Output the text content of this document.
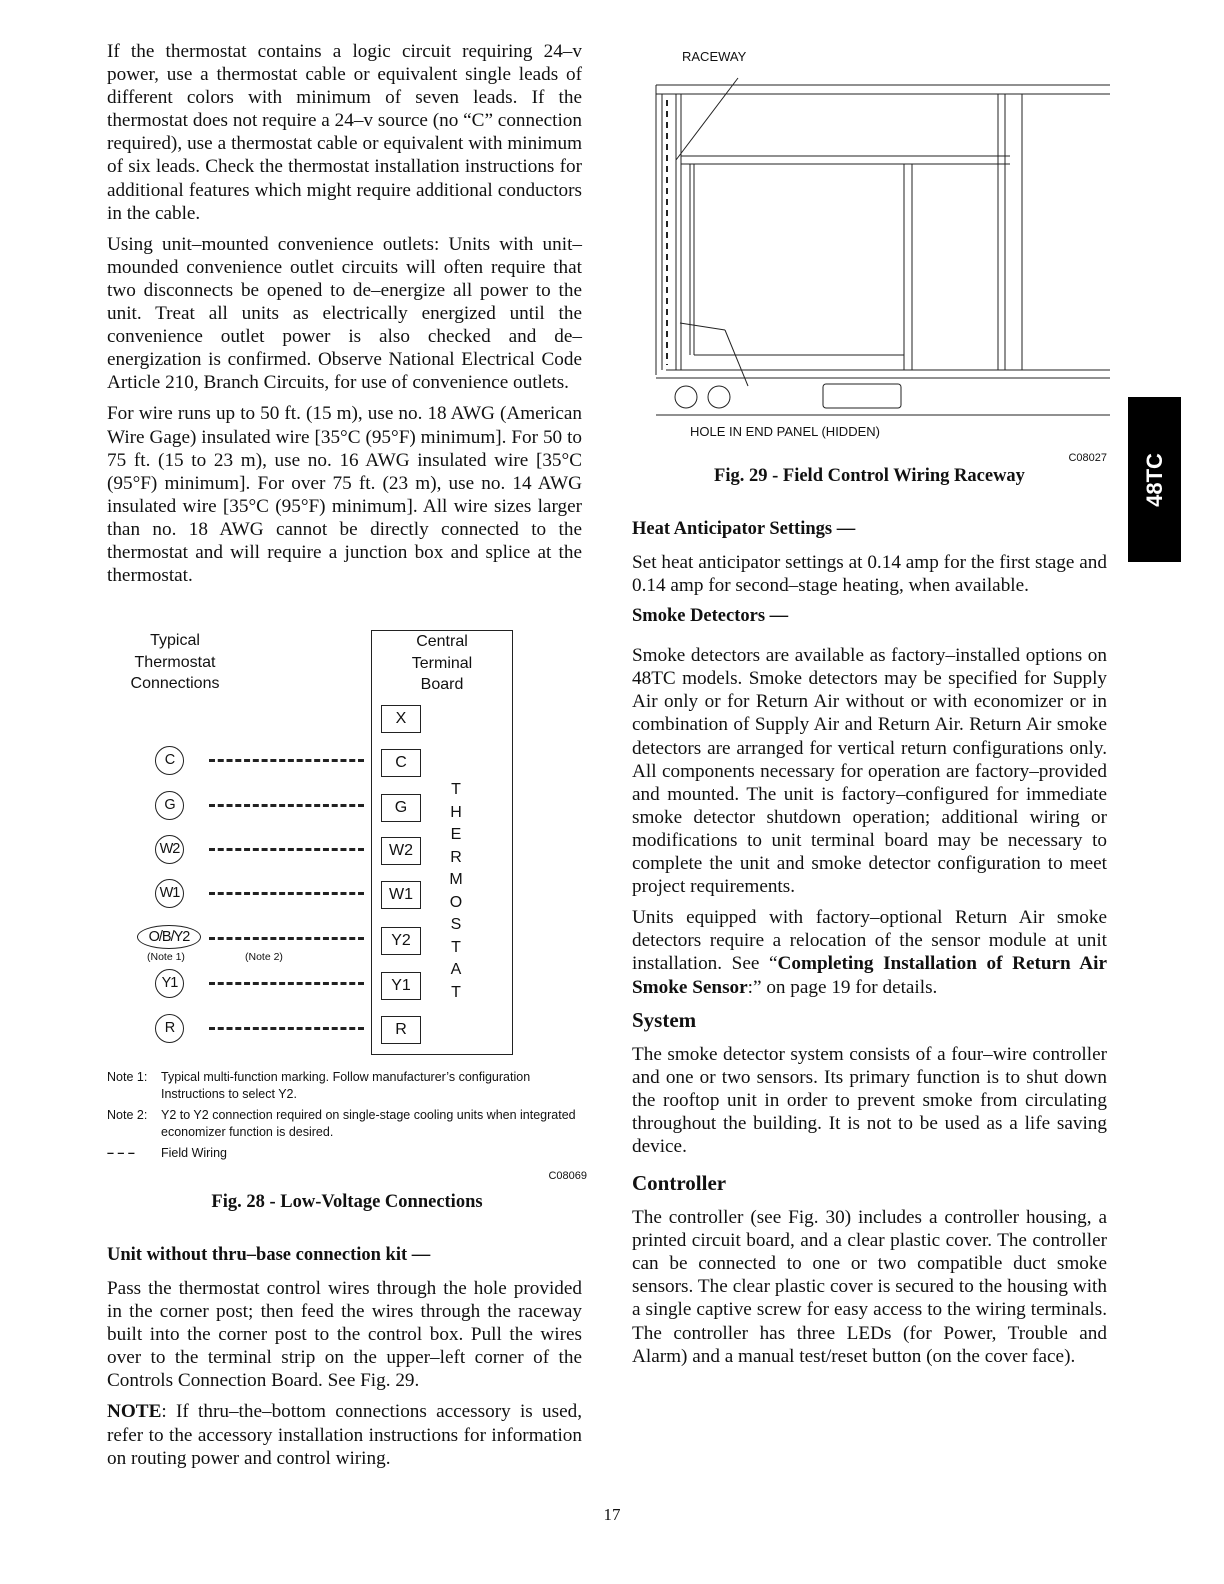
If the thermostat contains a logic circuit requiring 24–v power, use a thermostat cable or equivalent single leads of different colors with minimum of seven leads. If the thermostat does not require a 24–v source (no “C” connection required), use a thermostat cable or equivalent with minimum of six leads. Check the thermostat installation instructions for additional features which might require additional conductors in the cable.

Using unit–mounted convenience outlets: Units with unit–mounded convenience outlet circuits will often require that two disconnects be opened to de–energize all power to the unit. Treat all units as electrically energized until the convenience outlet power is also checked and de–energization is confirmed. Observe National Electrical Code Article 210, Branch Circuits, for use of convenience outlets.

For wire runs up to 50 ft. (15 m), use no. 18 AWG (American Wire Gage) insulated wire [35°C (95°F) minimum]. For 50 to 75 ft. (15 to 23 m), use no. 16 AWG insulated wire [35°C (95°F) minimum]. For over 75 ft. (23 m), use no. 14 AWG insulated wire [35°C (95°F) minimum]. All wire sizes larger than no. 18 AWG cannot be directly connected to the thermostat and will require a junction box and splice at the thermostat.

Typical
Thermostat
Connections
Central
Terminal
Board
X
C
G
W2
W1
Y2
Y1
R
T
H
E
R
M
O
S
T
A
T
C
G
W2
W1
O/B/Y2
Y1
R
(Note 1)	(Note 2)
Note 1:	Typical multi-function marking. Follow manufacturer’s configuration Instructions to select Y2.
Note 2:	Y2 to Y2 connection required on single-stage cooling units when integrated economizer function is desired.
– – –	Field Wiring
C08069
Fig. 28 - Low-Voltage Connections
Unit without thru–base connection kit —

Pass the thermostat control wires through the hole provided in the corner post; then feed the wires through the raceway built into the corner post to the control box. Pull the wires over to the terminal strip on the upper–left corner of the Controls Connection Board. See Fig. 29.

NOTE: If thru–the–bottom connections accessory is used, refer to the accessory installation instructions for information on routing power and control wiring.

RACEWAY
HOLE IN END PANEL (HIDDEN)
C08027
Fig. 29 - Field Control Wiring Raceway
Heat Anticipator Settings —

Set heat anticipator settings at 0.14 amp for the first stage and 0.14 amp for second–stage heating, when available.

Smoke Detectors —

Smoke detectors are available as factory–installed options on 48TC models. Smoke detectors may be specified for Supply Air only or for Return Air without or with economizer or in combination of Supply Air and Return Air. Return Air smoke detectors are arranged for vertical return configurations only. All components necessary for operation are factory–provided and mounted. The unit is factory–configured for immediate smoke detector shutdown operation; additional wiring or modifications to unit terminal board may be necessary to complete the unit and smoke detector configuration to meet project requirements.

Units equipped with factory–optional Return Air smoke detectors require a relocation of the sensor module at unit installation. See “Completing Installation of Return Air Smoke Sensor:” on page 19 for details.

System

The smoke detector system consists of a four–wire controller and one or two sensors. Its primary function is to shut down the rooftop unit in order to prevent smoke from circulating throughout the building. It is not to be used as a life saving device.

Controller

The controller (see Fig. 30) includes a controller housing, a printed circuit board, and a clear plastic cover. The controller can be connected to one or two compatible duct smoke sensors. The clear plastic cover is secured to the housing with a single captive screw for easy access to the wiring terminals. The controller has three LEDs (for Power, Trouble and Alarm) and a manual test/reset button (on the cover face).

48TC
17
